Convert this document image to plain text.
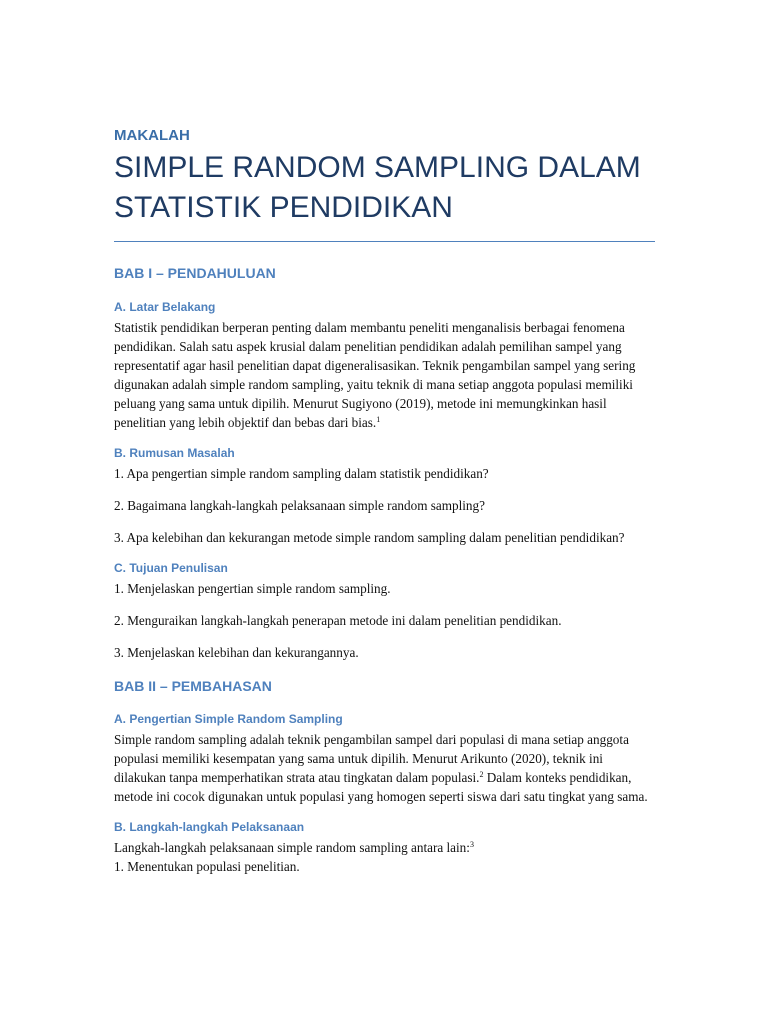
MAKALAH

SIMPLE RANDOM SAMPLING DALAM
STATISTIK PENDIDIKAN
BAB I – PENDAHULUAN
A. Latar Belakang

Statistik pendidikan berperan penting dalam membantu peneliti menganalisis berbagai fenomena pendidikan. Salah satu aspek krusial dalam penelitian pendidikan adalah pemilihan sampel yang representatif agar hasil penelitian dapat digeneralisasikan. Teknik pengambilan sampel yang sering digunakan adalah simple random sampling, yaitu teknik di mana setiap anggota populasi memiliki peluang yang sama untuk dipilih. Menurut Sugiyono (2019), metode ini memungkinkan hasil penelitian yang lebih objektif dan bebas dari bias.$^1$

B. Rumusan Masalah

1. Apa pengertian simple random sampling dalam statistik pendidikan?

2. Bagaimana langkah-langkah pelaksanaan simple random sampling?

3. Apa kelebihan dan kekurangan metode simple random sampling dalam penelitian pendidikan?

C. Tujuan Penulisan

1. Menjelaskan pengertian simple random sampling.

2. Menguraikan langkah-langkah penerapan metode ini dalam penelitian pendidikan.

3. Menjelaskan kelebihan dan kekurangannya.

BAB II – PEMBAHASAN
A. Pengertian Simple Random Sampling

Simple random sampling adalah teknik pengambilan sampel dari populasi di mana setiap anggota populasi memiliki kesempatan yang sama untuk dipilih. Menurut Arikunto (2020), teknik ini dilakukan tanpa memperhatikan strata atau tingkatan dalam populasi.$^2$ Dalam konteks pendidikan, metode ini cocok digunakan untuk populasi yang homogen seperti siswa dari satu tingkat yang sama.

B. Langkah-langkah Pelaksanaan

Langkah-langkah pelaksanaan simple random sampling antara lain:$^3$

1. Menentukan populasi penelitian.
